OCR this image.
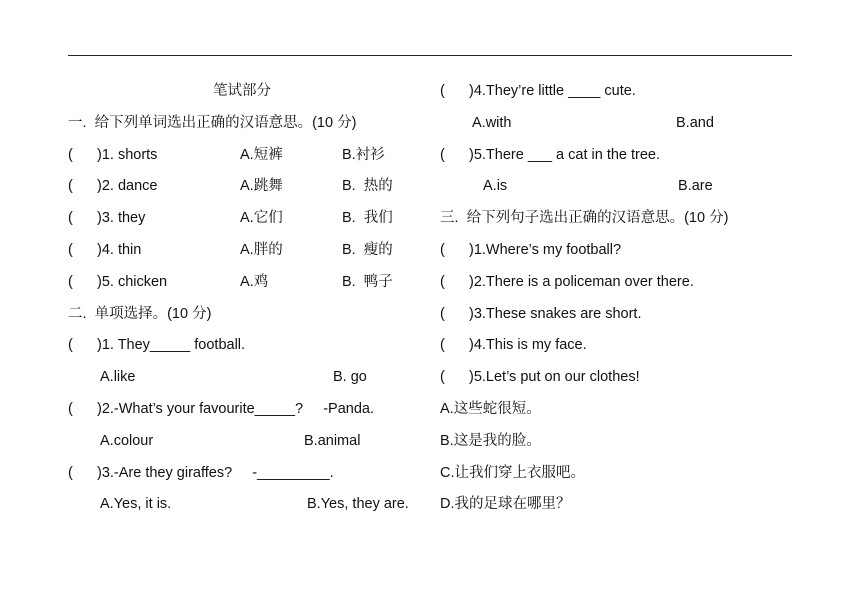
笔试部分
一.  给下列单词选出正确的汉语意思。(10 分)
( )1. shorts	A.短裤	B.衬衫
( )2. dance	A.跳舞	B.  热的
( )3. they	A.它们	B.  我们
( )4. thin	A.胖的	B.  瘦的
( )5. chicken	A.鸡	B.  鸭子
二.  单项选择。(10 分)
( )1. They_____ football.
A.like	B. go
( )2.-What’s your favourite_____?     -Panda.
A.colour	B.animal
( )3.-Are they giraffes?     -_________.
A.Yes, it is.	B.Yes, they are.
( )4.They’re little ____ cute.
A.with	B.and
( )5.There ___ a cat in the tree.
A.is	B.are
三.  给下列句子选出正确的汉语意思。(10 分)
( )1.Where’s my football?
( )2.There is a policeman over there.
( )3.These snakes are short.
( )4.This is my face.
( )5.Let’s put on our clothes!
A.这些蛇很短。
B.这是我的脸。
C.让我们穿上衣服吧。
D.我的足球在哪里？
